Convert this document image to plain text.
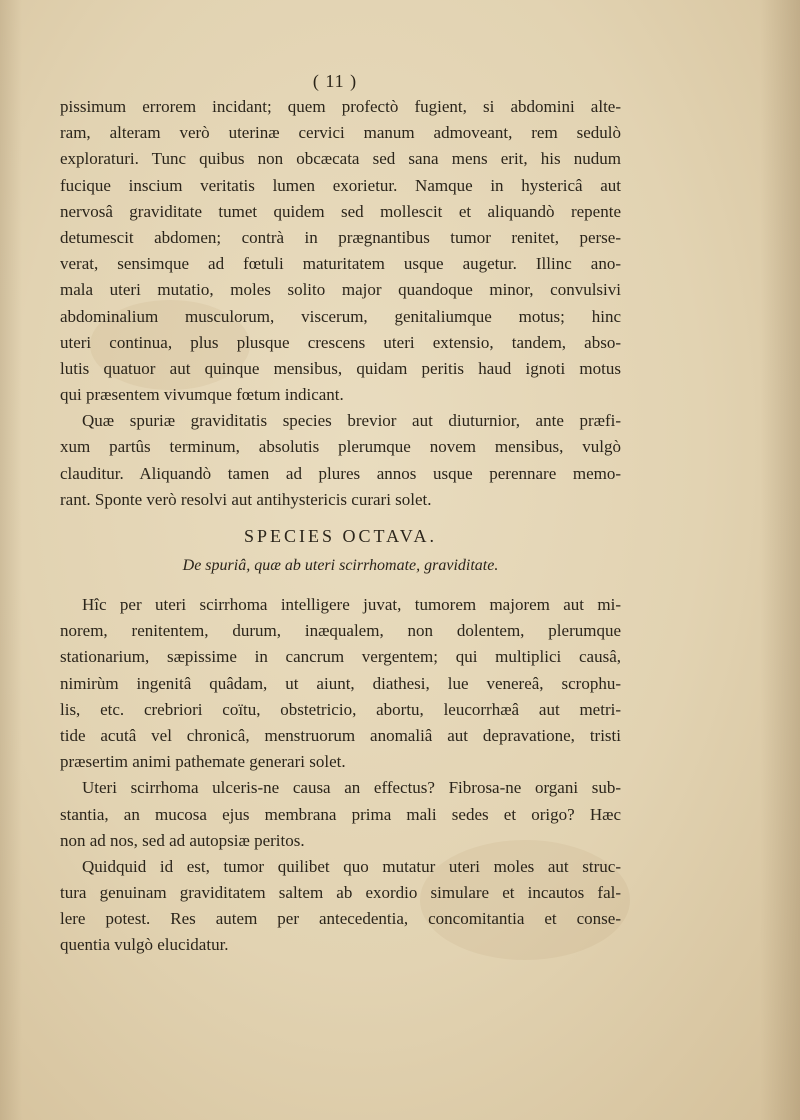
( 11 )
pissimum errorem incidant; quem profectò fugient, si abdomini alte-
ram, alteram verò uterinæ cervici manum admoveant, rem sedulò
exploraturi. Tunc quibus non obcæcata sed sana mens erit, his nudum
fucique inscium veritatis lumen exorietur. Namque in hystericâ aut
nervosâ graviditate tumet quidem sed mollescit et aliquandò repente
detumescit abdomen; contrà in prægnantibus tumor renitet, perse-
verat, sensimque ad fœtuli maturitatem usque augetur. Illinc ano-
mala uteri mutatio, moles solito major quandoque minor, convulsivi
abdominalium musculorum, viscerum, genitaliumque motus; hinc
uteri continua, plus plusque crescens uteri extensio, tandem, abso-
lutis quatuor aut quinque mensibus, quidam peritis haud ignoti motus
qui præsentem vivumque fœtum indicant.
Quæ spuriæ graviditatis species brevior aut diuturnior, ante præfi-
xum partûs terminum, absolutis plerumque novem mensibus, vulgò
clauditur. Aliquandò tamen ad plures annos usque perennare memo-
rant. Sponte verò resolvi aut antihystericis curari solet.
SPECIES OCTAVA.
De spuriâ, quæ ab uteri scirrhomate, graviditate.
Hîc per uteri scirrhoma intelligere juvat, tumorem majorem aut mi-
norem, renitentem, durum, inæqualem, non dolentem, plerumque
stationarium, sæpissime in cancrum vergentem; qui multiplici causâ,
nimirùm ingenitâ quâdam, ut aiunt, diathesi, lue venereâ, scrophu-
lis, etc. crebriori coïtu, obstetricio, abortu, leucorrhæâ aut metri-
tide acutâ vel chronicâ, menstruorum anomaliâ aut depravatione, tristi
præsertim animi pathemate generari solet.
Uteri scirrhoma ulceris-ne causa an effectus? Fibrosa-ne organi sub-
stantia, an mucosa ejus membrana prima mali sedes et origo? Hæc
non ad nos, sed ad autopsiæ peritos.
Quidquid id est, tumor quilibet quo mutatur uteri moles aut struc-
tura genuinam graviditatem saltem ab exordio simulare et incautos fal-
lere potest. Res autem per antecedentia, concomitantia et conse-
quentia vulgò elucidatur.
